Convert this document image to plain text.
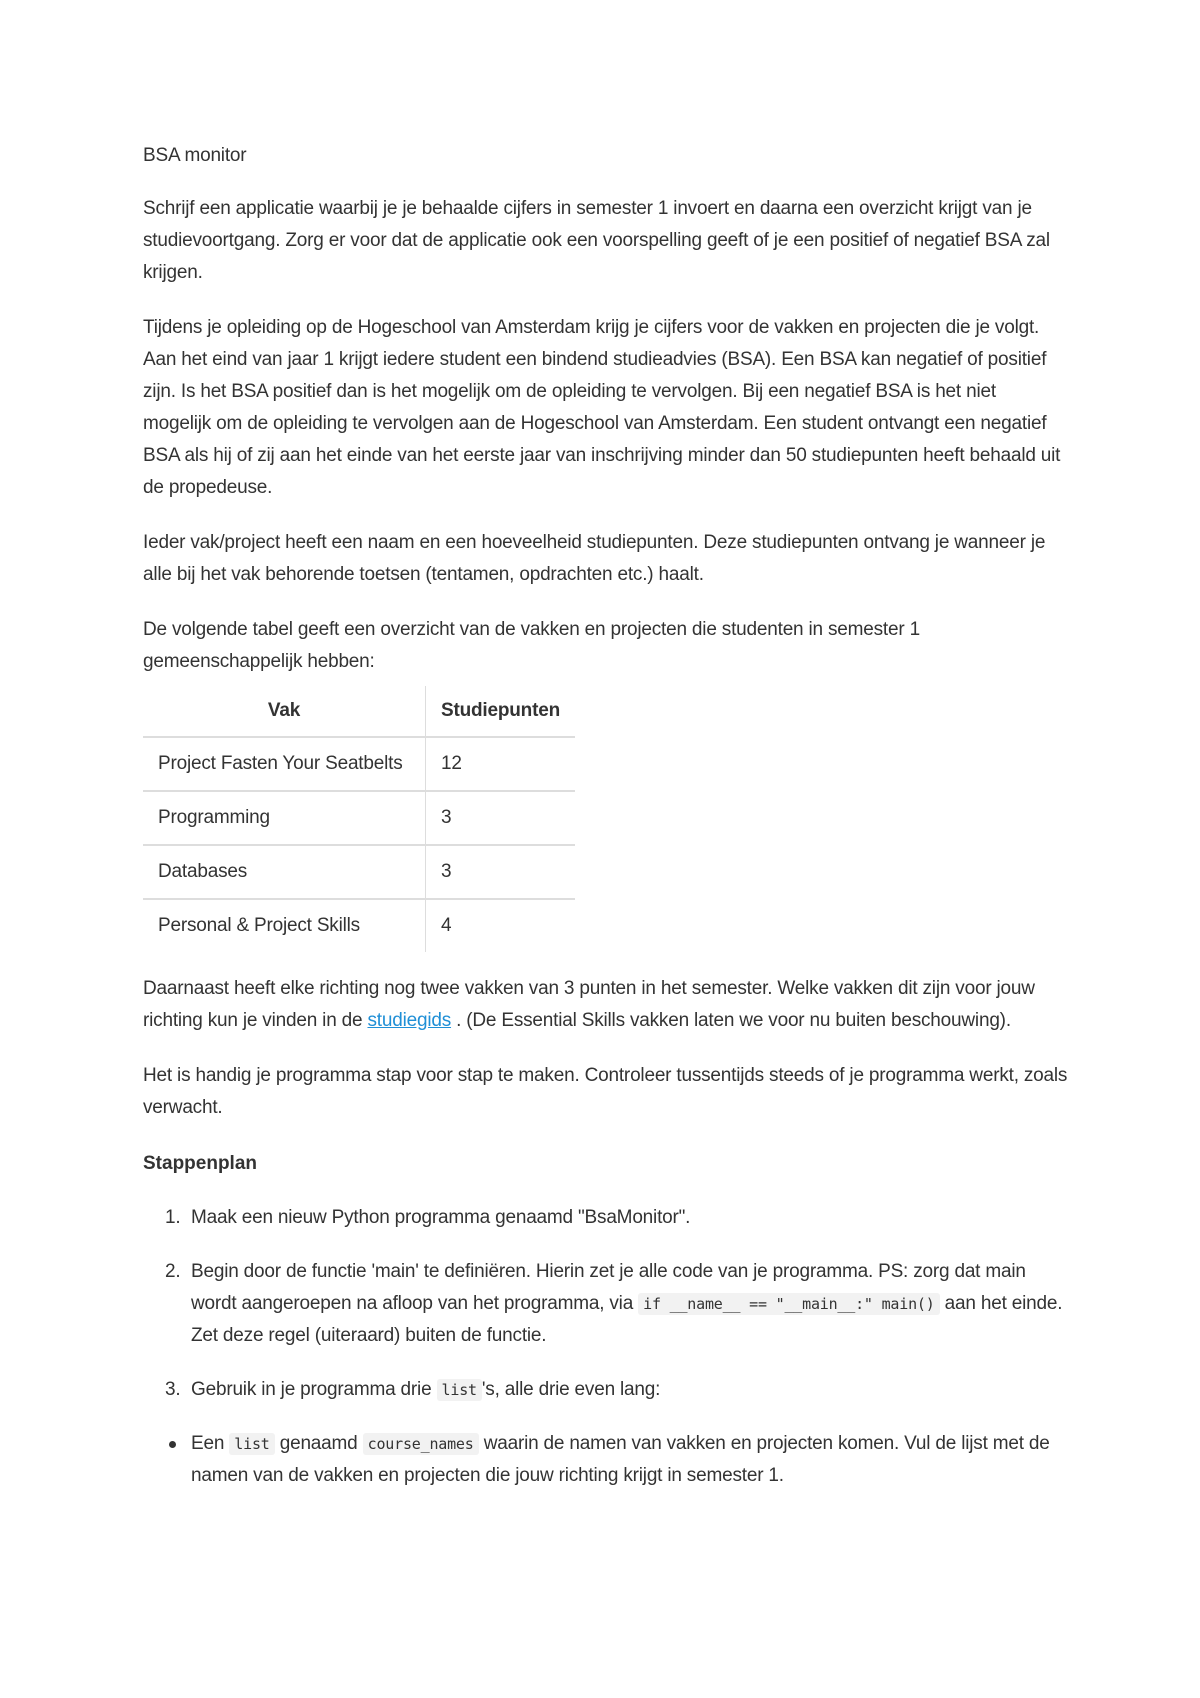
BSA monitor

Schrijf een applicatie waarbij je je behaalde cijfers in semester 1 invoert en daarna een overzicht krijgt van je studievoortgang. Zorg er voor dat de applicatie ook een voorspelling geeft of je een positief of negatief BSA zal krijgen.

Tijdens je opleiding op de Hogeschool van Amsterdam krijg je cijfers voor de vakken en projecten die je volgt. Aan het eind van jaar 1 krijgt iedere student een bindend studieadvies (BSA). Een BSA kan negatief of positief zijn. Is het BSA positief dan is het mogelijk om de opleiding te vervolgen. Bij een negatief BSA is het niet mogelijk om de opleiding te vervolgen aan de Hogeschool van Amsterdam. Een student ontvangt een negatief BSA als hij of zij aan het einde van het eerste jaar van inschrijving minder dan 50 studiepunten heeft behaald uit de propedeuse.

Ieder vak/project heeft een naam en een hoeveelheid studiepunten. Deze studiepunten ontvang je wanneer je alle bij het vak behorende toetsen (tentamen, opdrachten etc.) haalt.

De volgende tabel geeft een overzicht van de vakken en projecten die studenten in semester 1 gemeenschappelijk hebben:

Vak	Studiepunten
Project Fasten Your Seatbelts	12
Programming	3
Databases	3
Personal & Project Skills	4

Daarnaast heeft elke richting nog twee vakken van 3 punten in het semester. Welke vakken dit zijn voor jouw richting kun je vinden in de studiegids . (De Essential Skills vakken laten we voor nu buiten beschouwing).

Het is handig je programma stap voor stap te maken. Controleer tussentijds steeds of je programma werkt, zoals verwacht.

Stappenplan
1. Maak een nieuw Python programma genaamd "BsaMonitor".
2. Begin door de functie 'main' te definiëren. Hierin zet je alle code van je programma. PS: zorg dat main wordt aangeroepen na afloop van het programma, via if __name__ == "__main__:" main() aan het einde. Zet deze regel (uiteraard) buiten de functie.
3. Gebruik in je programma drie list 's, alle drie even lang:
Een list genaamd course_names waarin de namen van vakken en projecten komen. Vul de lijst met de namen van de vakken en projecten die jouw richting krijgt in semester 1.
